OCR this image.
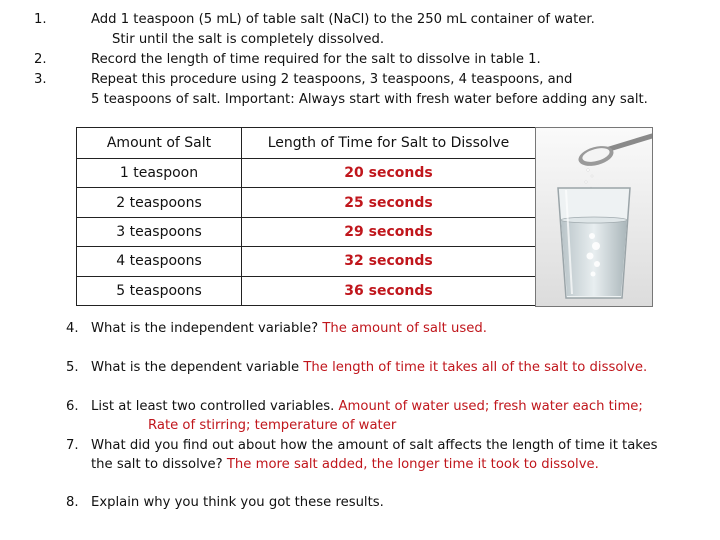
1.	Add 1 teaspoon (5 mL) of table salt (NaCl) to the 250 mL container of water.
Stir until the salt is completely dissolved.
2.	Record the length of time required for the salt to dissolve in table 1.
3.	Repeat this procedure using 2 teaspoons, 3 teaspoons, 4 teaspoons, and
5 teaspoons of salt. Important: Always start with fresh water before adding any salt.
Amount of Salt	Length of Time for Salt to Dissolve
1 teaspoon	20 seconds
2 teaspoons	25 seconds
3 teaspoons	29 seconds
4 teaspoons	32 seconds
5 teaspoons	36 seconds
4. What is the independent variable? The amount of salt used.
5. What is the dependent variable The length of time it takes all of the salt to dissolve.
6. List at least two controlled variables. Amount of water used; fresh water each time;
Rate of stirring; temperature of water
7. What did you find out about how the amount of salt affects the length of time it takes
the salt to dissolve? The more salt added, the longer time it took to dissolve.
8. Explain why you think you got these results.
